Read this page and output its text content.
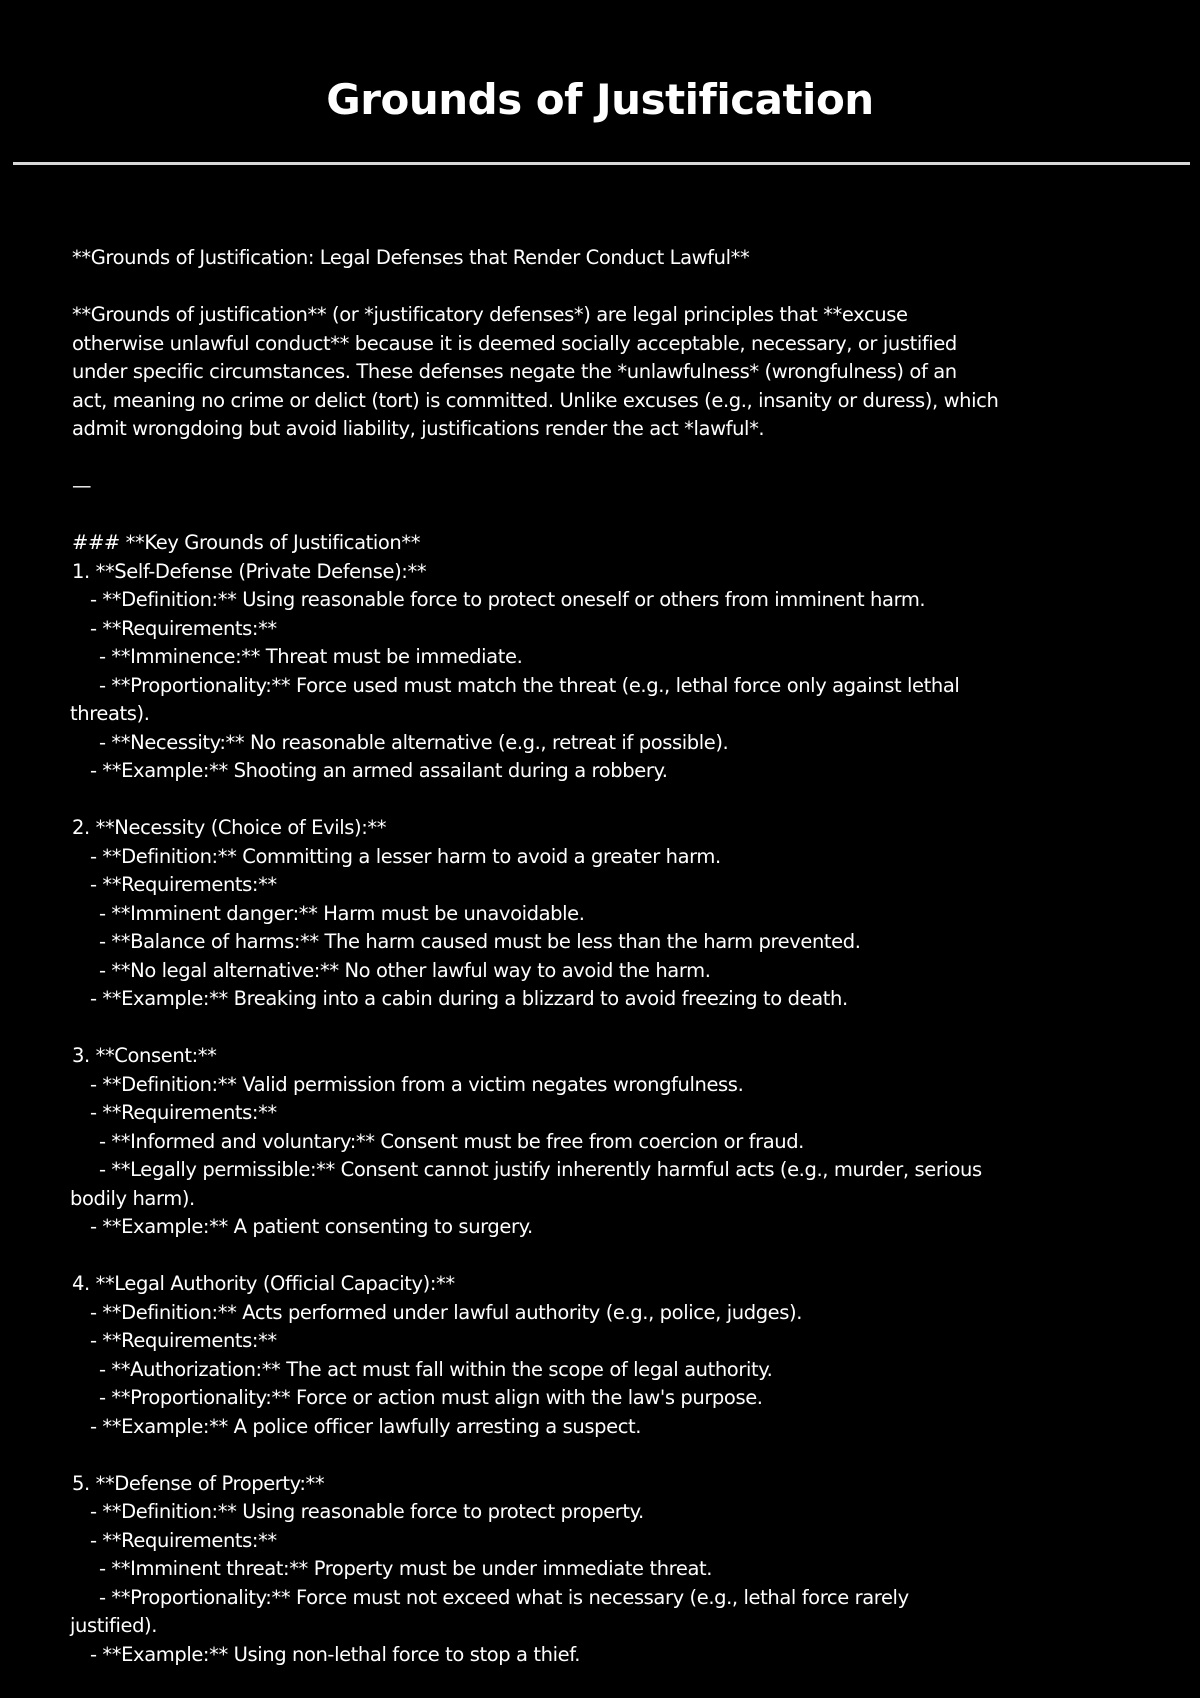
Grounds of Justification
**Grounds of Justification: Legal Defenses that Render Conduct Lawful**
**Grounds of justification** (or *justificatory defenses*) are legal principles that **excuse
otherwise unlawful conduct** because it is deemed socially acceptable, necessary, or justified
under specific circumstances. These defenses negate the *unlawfulness* (wrongfulness) of an
act, meaning no crime or delict (tort) is committed. Unlike excuses (e.g., insanity or duress), which
admit wrongdoing but avoid liability, justifications render the act *lawful*.
—
### **Key Grounds of Justification**
1. **Self-Defense (Private Defense):**
- **Definition:** Using reasonable force to protect oneself or others from imminent harm.
- **Requirements:**
- **Imminence:** Threat must be immediate.
- **Proportionality:** Force used must match the threat (e.g., lethal force only against lethal
threats).
- **Necessity:** No reasonable alternative (e.g., retreat if possible).
- **Example:** Shooting an armed assailant during a robbery.
2. **Necessity (Choice of Evils):**
- **Definition:** Committing a lesser harm to avoid a greater harm.
- **Requirements:**
- **Imminent danger:** Harm must be unavoidable.
- **Balance of harms:** The harm caused must be less than the harm prevented.
- **No legal alternative:** No other lawful way to avoid the harm.
- **Example:** Breaking into a cabin during a blizzard to avoid freezing to death.
3. **Consent:**
- **Definition:** Valid permission from a victim negates wrongfulness.
- **Requirements:**
- **Informed and voluntary:** Consent must be free from coercion or fraud.
- **Legally permissible:** Consent cannot justify inherently harmful acts (e.g., murder, serious
bodily harm).
- **Example:** A patient consenting to surgery.
4. **Legal Authority (Official Capacity):**
- **Definition:** Acts performed under lawful authority (e.g., police, judges).
- **Requirements:**
- **Authorization:** The act must fall within the scope of legal authority.
- **Proportionality:** Force or action must align with the law's purpose.
- **Example:** A police officer lawfully arresting a suspect.
5. **Defense of Property:**
- **Definition:** Using reasonable force to protect property.
- **Requirements:**
- **Imminent threat:** Property must be under immediate threat.
- **Proportionality:** Force must not exceed what is necessary (e.g., lethal force rarely
justified).
- **Example:** Using non-lethal force to stop a thief.
